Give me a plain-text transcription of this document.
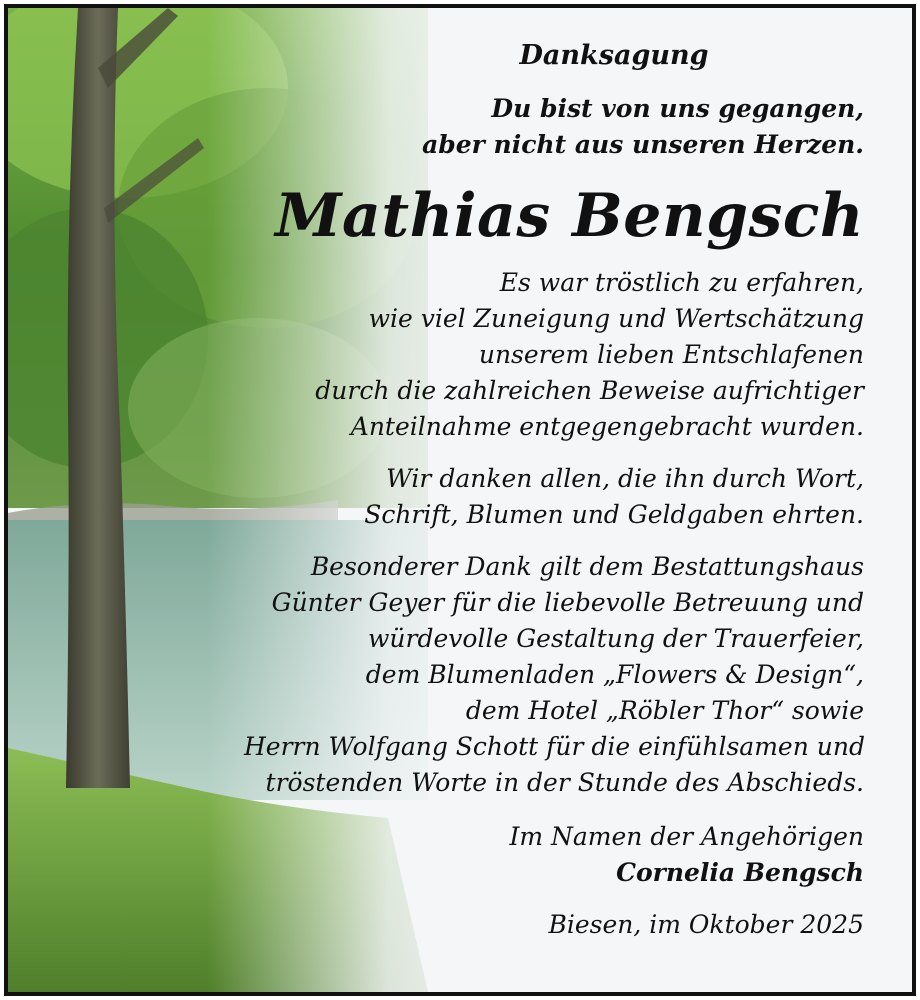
Danksagung
Du bist von uns gegangen,
aber nicht aus unseren Herzen.
Mathias Bengsch
Es war tröstlich zu erfahren,
wie viel Zuneigung und Wertschätzung
unserem lieben Entschlafenen
durch die zahlreichen Beweise aufrichtiger
Anteilnahme entgegengebracht wurden.
Wir danken allen, die ihn durch Wort,
Schrift, Blumen und Geldgaben ehrten.
Besonderer Dank gilt dem Bestattungshaus
Günter Geyer für die liebevolle Betreuung und
würdevolle Gestaltung der Trauerfeier,
dem Blumenladen „Flowers & Design“,
dem Hotel „Röbler Thor“ sowie
Herrn Wolfgang Schott für die einfühlsamen und
tröstenden Worte in der Stunde des Abschieds.
Im Namen der Angehörigen
Cornelia Bengsch
Biesen, im Oktober 2025
